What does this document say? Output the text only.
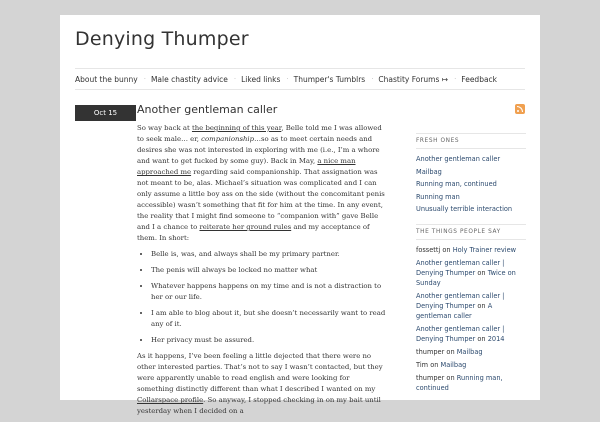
Denying Thumper
About the bunny · Male chastity advice · Liked links · Thumper's Tumblrs · Chastity Forums ↦ · Feedback
Oct 15	Another gentleman caller

So way back at the beginning of this year, Belle told me I was allowed to seek male… er, companionship…so as to meet certain needs and desires she was not interested in exploring with me (i.e., I’m a whore and want to get fucked by some guy). Back in May, a nice man approached me regarding said companionship. That assignation was not meant to be, alas. Michael’s situation was complicated and I can only assume a little boy ass on the side (without the concomitant penis accessible) wasn’t something that fit for him at the time. In any event, the reality that I might find someone to “companion with” gave Belle and I a chance to reiterate her ground rules and my acceptance of them. In short:

• Belle is, was, and always shall be my primary partner.
• The penis will always be locked no matter what
• Whatever happens happens on my time and is not a distraction to her or our life.
• I am able to blog about it, but she doesn’t necessarily want to read any of it.
• Her privacy must be assured.

As it happens, I’ve been feeling a little dejected that there were no other interested parties. That’s not to say I wasn’t contacted, but they were apparently unable to read english and were looking for something distinctly different than what I described I wanted on my Collarspace profile. So anyway, I stopped checking in on my bait until yesterday when I decided on a

FRESH ONES
Another gentleman caller
Mailbag
Running man, continued
Running man
Unusually terrible interaction
THE THINGS PEOPLE SAY
fossettj on Holy Trainer review
Another gentleman caller | Denying Thumper on Twice on Sunday
Another gentleman caller | Denying Thumper on A gentleman caller
Another gentleman caller | Denying Thumper on 2014
thumper on Mailbag
Tim on Mailbag
thumper on Running man, continued
